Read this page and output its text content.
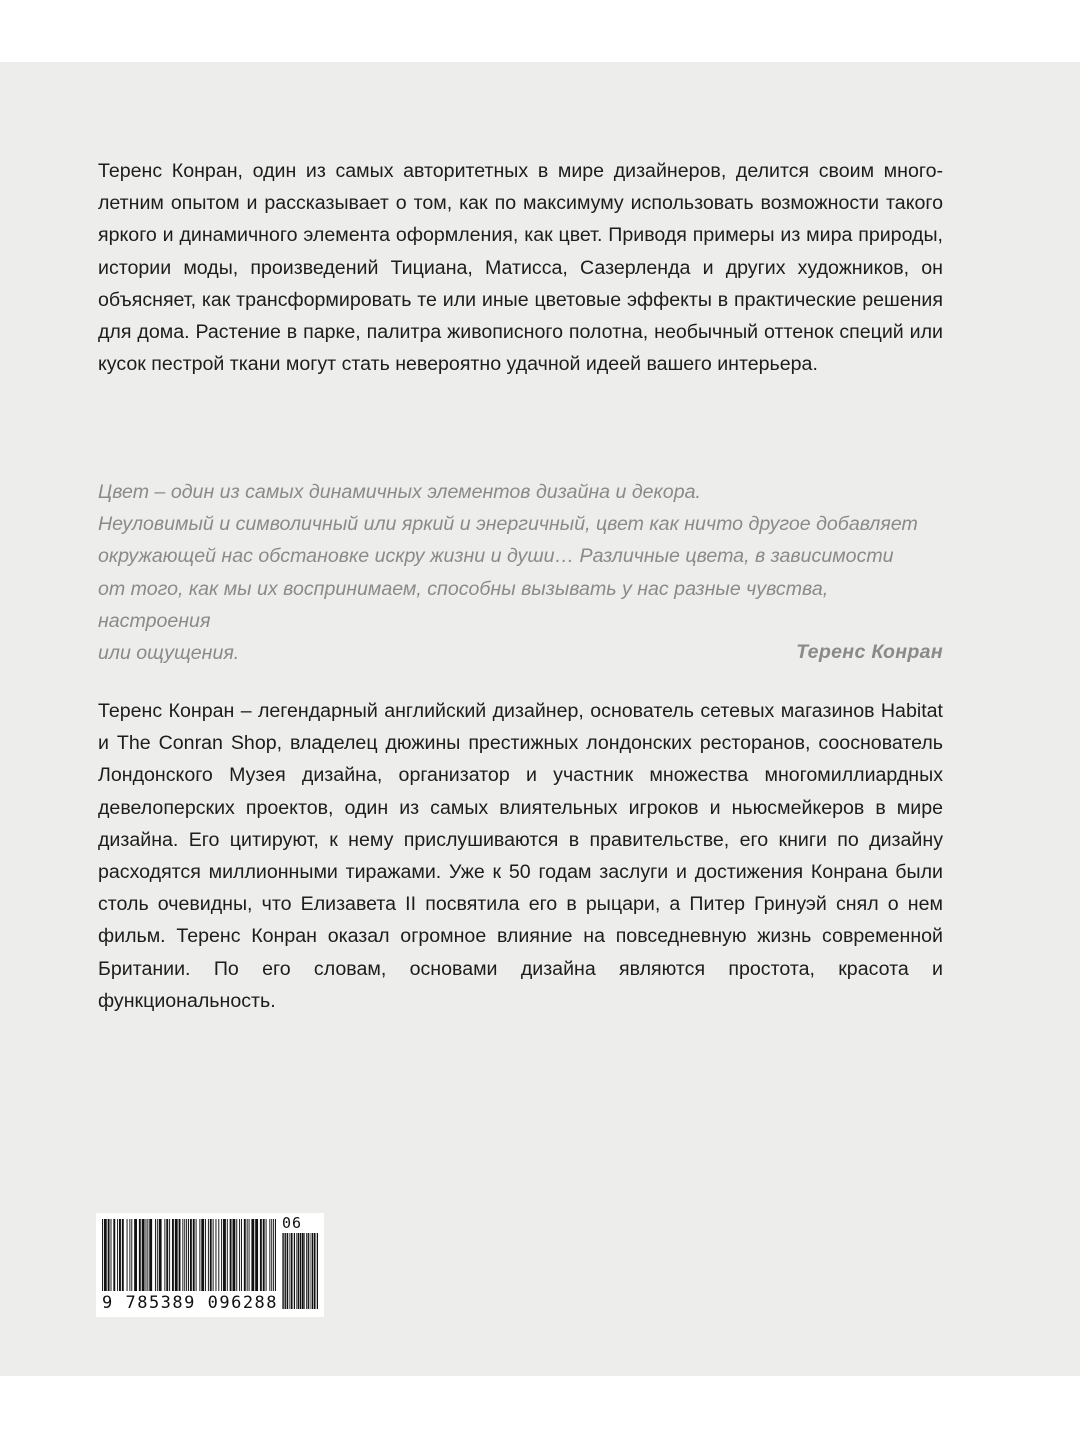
Теренс Конран, один из самых авторитетных в мире дизайнеров, делится своим многолетним опытом и рассказывает о том, как по максимуму использовать возможности такого яркого и динамичного элемента оформления, как цвет. Приводя примеры из мира природы, истории моды, произведений Тициана, Матисса, Сазерленда и других художников, он объясняет, как трансформировать те или иные цветовые эффекты в практические решения для дома. Растение в парке, палитра живописного полотна, необычный оттенок специй или кусок пестрой ткани могут стать невероятно удачной идеей вашего интерьера.

Цвет – один из самых динамичных элементов дизайна и декора.
Неуловимый и символичный или яркий и энергичный, цвет как ничто другое добавляет
окружающей нас обстановке искру жизни и души… Различные цвета, в зависимости
от того, как мы их воспринимаем, способны вызывать у нас разные чувства, настроения
или ощущения.	Теренс Конран

Теренс Конран – легендарный английский дизайнер, основатель сетевых магазинов Habitat и The Conran Shop, владелец дюжины престижных лондонских ресторанов, сооснователь Лондонского Музея дизайна, организатор и участник множества многомиллиардных девелоперских проектов, один из самых влиятельных игроков и ньюсмейкеров в мире дизайна. Его цитируют, к нему прислушиваются в правительстве, его книги по дизайну расходятся миллионными тиражами. Уже к 50 годам заслуги и достижения Конрана были столь очевидны, что Елизавета II посвятила его в рыцари, а Питер Гринуэй снял о нем фильм. Теренс Конран оказал огромное влияние на повседневную жизнь современной Британии. По его словам, основами дизайна являются простота, красота и функциональность.

9 785389 096288
06
